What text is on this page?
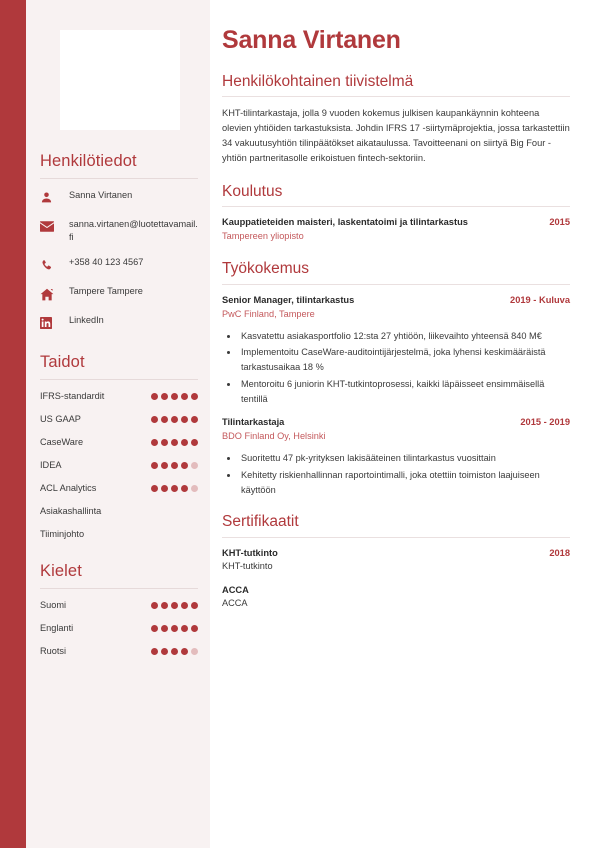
Henkilötiedot
Sanna Virtanen
sanna.virtanen@luotettavamail.fi
+358 40 123 4567
Tampere Tampere
LinkedIn
Taidot
IFRS-standardit
US GAAP
CaseWare
IDEA
ACL Analytics
Asiakashallinta
Tiiminjohto
Kielet
Suomi
Englanti
Ruotsi
Sanna Virtanen
Henkilökohtainen tiivistelmä

KHT-tilintarkastaja, jolla 9 vuoden kokemus julkisen kaupankäynnin kohteena olevien yhtiöiden tarkastuksista. Johdin IFRS 17 -siirtymäprojektia, jossa tarkastettiin 34 vakuutusyhtiön tilinpäätökset aikataulussa. Tavoitteenani on siirtyä Big Four -yhtiön partneritasolle erikoistuen fintech-sektoriin.

Koulutus
Kauppatieteiden maisteri, laskentatoimi ja tilintarkastus	2015
Tampereen yliopisto
Työkokemus
Senior Manager, tilintarkastus	2019 - Kuluva
PwC Finland, Tampere
• Kasvatettu asiakasportfolio 12:sta 27 yhtiöön, liikevaihto yhteensä 840 M€
• Implementoitu CaseWare-auditointijärjestelmä, joka lyhensi keskimääräistä tarkastusaikaa 18 %
• Mentoroitu 6 juniorin KHT-tutkintoprosessi, kaikki läpäisseet ensimmäisellä tentillä
Tilintarkastaja	2015 - 2019
BDO Finland Oy, Helsinki
• Suoritettu 47 pk-yrityksen lakisääteinen tilintarkastus vuosittain
• Kehitetty riskienhallinnan raportointimalli, joka otettiin toimiston laajuiseen käyttöön
Sertifikaatit
KHT-tutkinto	2018
KHT-tutkinto
ACCA
ACCA
